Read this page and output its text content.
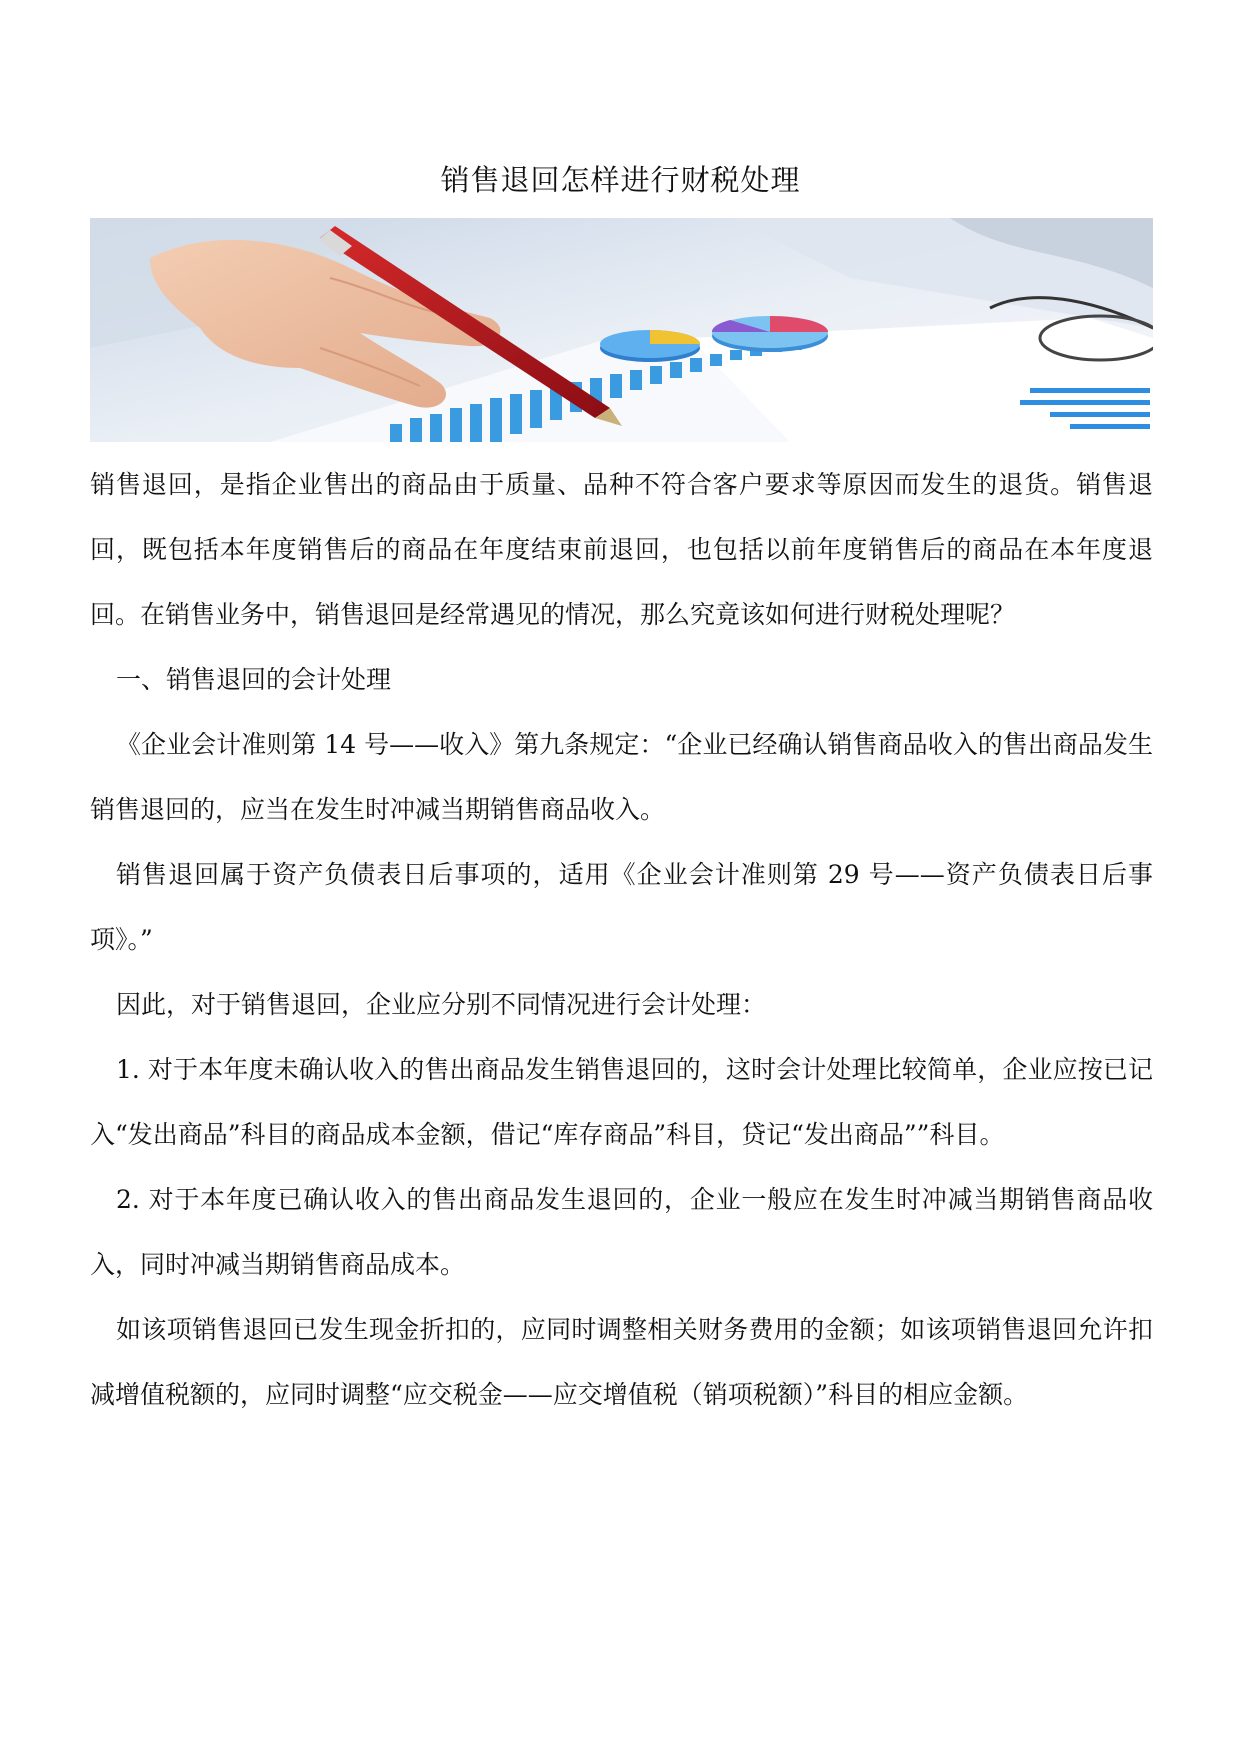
销售退回怎样进行财税处理

销售退回，是指企业售出的商品由于质量、品种不符合客户要求等原因而发生的退货。销售退回，既包括本年度销售后的商品在年度结束前退回，也包括以前年度销售后的商品在本年度退回。在销售业务中，销售退回是经常遇见的情况，那么究竟该如何进行财税处理呢？

一、销售退回的会计处理

《企业会计准则第 14 号——收入》第九条规定：“企业已经确认销售商品收入的售出商品发生销售退回的，应当在发生时冲减当期销售商品收入。

销售退回属于资产负债表日后事项的，适用《企业会计准则第 29 号——资产负债表日后事项》。”

因此，对于销售退回，企业应分别不同情况进行会计处理：

1. 对于本年度未确认收入的售出商品发生销售退回的，这时会计处理比较简单，企业应按已记入“发出商品”科目的商品成本金额，借记“库存商品”科目，贷记“发出商品””科目。

2. 对于本年度已确认收入的售出商品发生退回的，企业一般应在发生时冲减当期销售商品收入，同时冲减当期销售商品成本。

如该项销售退回已发生现金折扣的，应同时调整相关财务费用的金额；如该项销售退回允许扣减增值税额的，应同时调整“应交税金——应交增值税（销项税额）”科目的相应金额。
